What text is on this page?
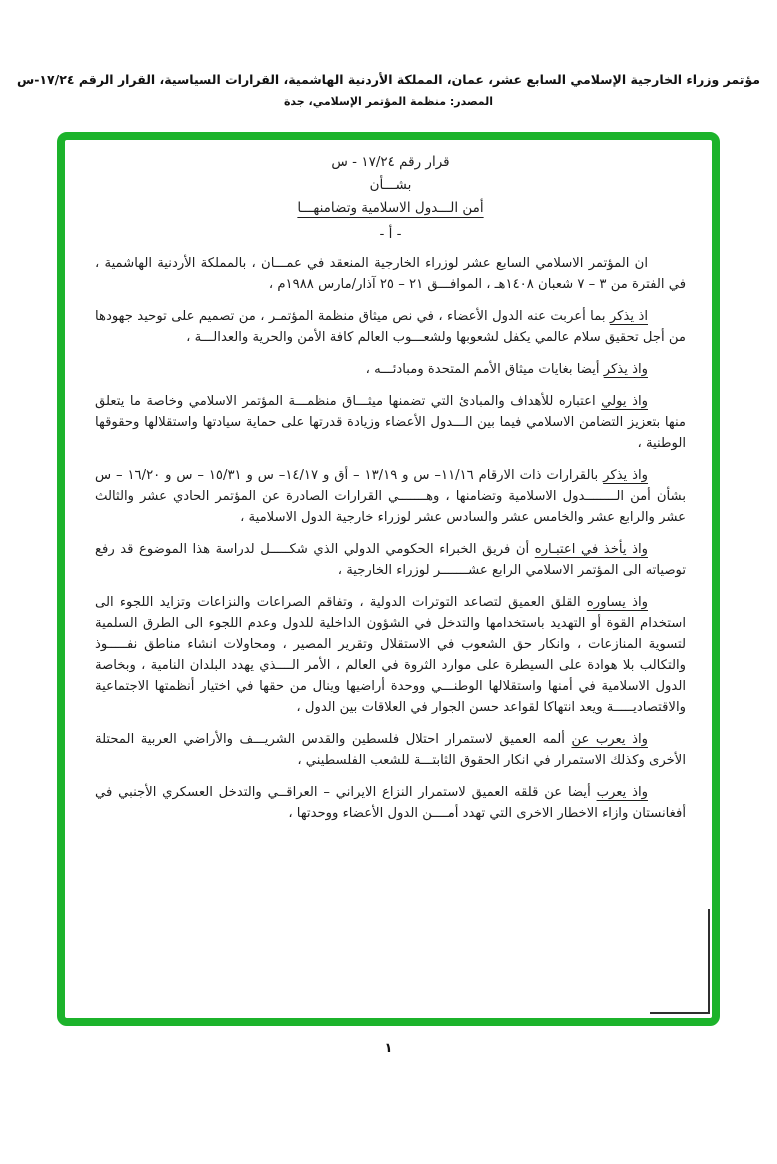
مؤتمر وزراء الخارجية الإسلامي السابع عشر، عمان، المملكة الأردنية الهاشمية، القرارات السياسية، القرار الرقم ١٧/٢٤-س
المصدر: منظمة المؤتمر الإسلامي، جدة
قرار رقم ١٧/٢٤ - س
بشـــأن
أمن الـــدول الاسلامية وتضامنهـــا
- أ -

ان المؤتمر الاسلامي السابع عشر لوزراء الخارجية المنعقد في عمـــان ، بالمملكة الأردنية الهاشمية ، في الفترة من ٣ – ٧ شعبان ١٤٠٨هـ ، الموافـــق ٢١ – ٢٥ آذار/مارس ١٩٨٨م ،

اذ يذكر بما أعربت عنه الدول الأعضاء ، في نص ميثاق منظمة المؤتمـر ، من تصميم على توحيد جهودها من أجل تحقيق سلام عالمي يكفل لشعوبها ولشعـــوب العالم كافة الأمن والحرية والعدالـــة ،

واذ يذكر أيضا بغايات ميثاق الأمم المتحدة ومبادئـــه ،

واذ يولي اعتباره للأهداف والمبادئ التي تضمنها ميثـــاق منظمـــة المؤتمر الاسلامي وخاصة ما يتعلق منها بتعزيز التضامن الاسلامي فيما بين الـــدول الأعضاء وزيادة قدرتها على حماية سيادتها واستقلالها وحقوقها الوطنية ،

واذ يذكر بالقرارات ذات الارقام ١١/١٦– س و ١٣/١٩ – أق و ١٤/١٧– س و ١٥/٣١ – س و ١٦/٢٠ – س بشأن أمن الــــــــدول الاسلامية وتضامنها ، وهـــــــي القرارات الصادرة عن المؤتمر الحادي عشر والثالث عشر والرابع عشر والخامس عشر والسادس عشر لوزراء خارجية الدول الاسلامية ،

واذ يأخذ في اعتبـاره أن فريق الخبراء الحكومي الدولي الذي شكـــــل لدراسة هذا الموضوع قد رفع توصياته الى المؤتمر الاسلامي الرابع عشـــــــر لوزراء الخارجية ،

واذ يساوره القلق العميق لتصاعد التوترات الدولية ، وتفاقم الصراعات والنزاعات وتزايد اللجوء الى استخدام القوة أو التهديد باستخدامها والتدخل في الشؤون الداخلية للدول وعدم اللجوء الى الطرق السلمية لتسوية المنازعات ، وانكار حق الشعوب في الاستقلال وتقرير المصير ، ومحاولات انشاء مناطق نفـــــوذ والتكالب بلا هوادة على السيطرة على موارد الثروة في العالم ، الأمر الــــذي يهدد البلدان النامية ، وبخاصة الدول الاسلامية في أمنها واستقلالها الوطنـــي ووحدة أراضيها وينال من حقها في اختيار أنظمتها الاجتماعية والاقتصاديـــــة ويعد انتهاكا لقواعد حسن الجوار في العلاقات بين الدول ،

واذ يعرب عن ألمه العميق لاستمرار احتلال فلسطين والقدس الشريـــف والأراضي العربية المحتلة الأخرى وكذلك الاستمرار في انكار الحقوق الثابتـــة للشعب الفلسطيني ،

واذ يعرب أيضا عن قلقه العميق لاستمرار النزاع الايراني – العراقــي والتدخل العسكري الأجنبي في أفغانستان وازاء الاخطار الاخرى التي تهدد أمــــن الدول الأعضاء ووحدتها ،

١
